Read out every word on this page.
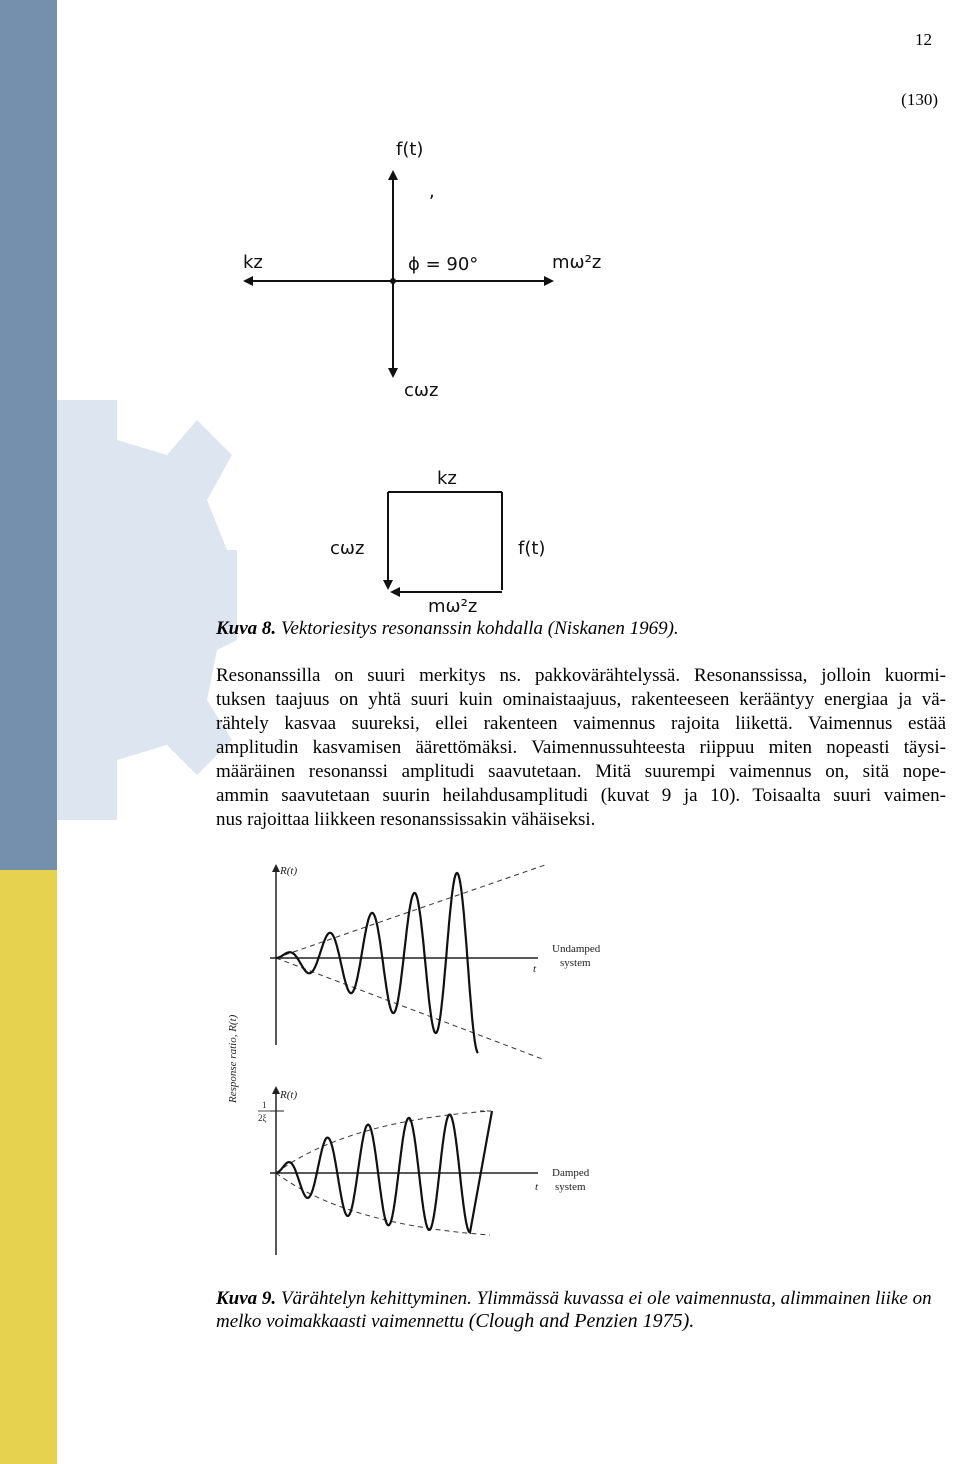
12
(130)
f(t)
,
kz	ϕ = 90°	mω²z
cωz
kz
cωz	f(t)
mω²z
Kuva 8. Vektoriesitys resonanssin kohdalla (Niskanen 1969).
Resonanssilla on suuri merkitys ns. pakkovärähtelyssä. Resonanssissa, jolloin kuormi-
tuksen taajuus on yhtä suuri kuin ominaistaajuus, rakenteeseen kerääntyy energiaa ja vä-
rähtely kasvaa suureksi, ellei rakenteen vaimennus rajoita liikettä. Vaimennus estää
amplitudin kasvamisen äärettömäksi. Vaimennussuhteesta riippuu miten nopeasti täysi-
määräinen resonanssi amplitudi saavutetaan. Mitä suurempi vaimennus on, sitä nope-
ammin saavutetaan suurin heilahdusamplitudi (kuvat 9 ja 10). Toisaalta suuri vaimen-
nus rajoittaa liikkeen resonanssissakin vähäiseksi.
Response ratio, R(t)
R(t)
t
Undamped
system
R(t)
t
1
2ξ
Damped
system
Kuva 9. Värähtelyn kehittyminen. Ylimmässä kuvassa ei ole vaimennusta, alimmainen liike on
melko voimakkaasti vaimennettu (Clough and Penzien 1975).
